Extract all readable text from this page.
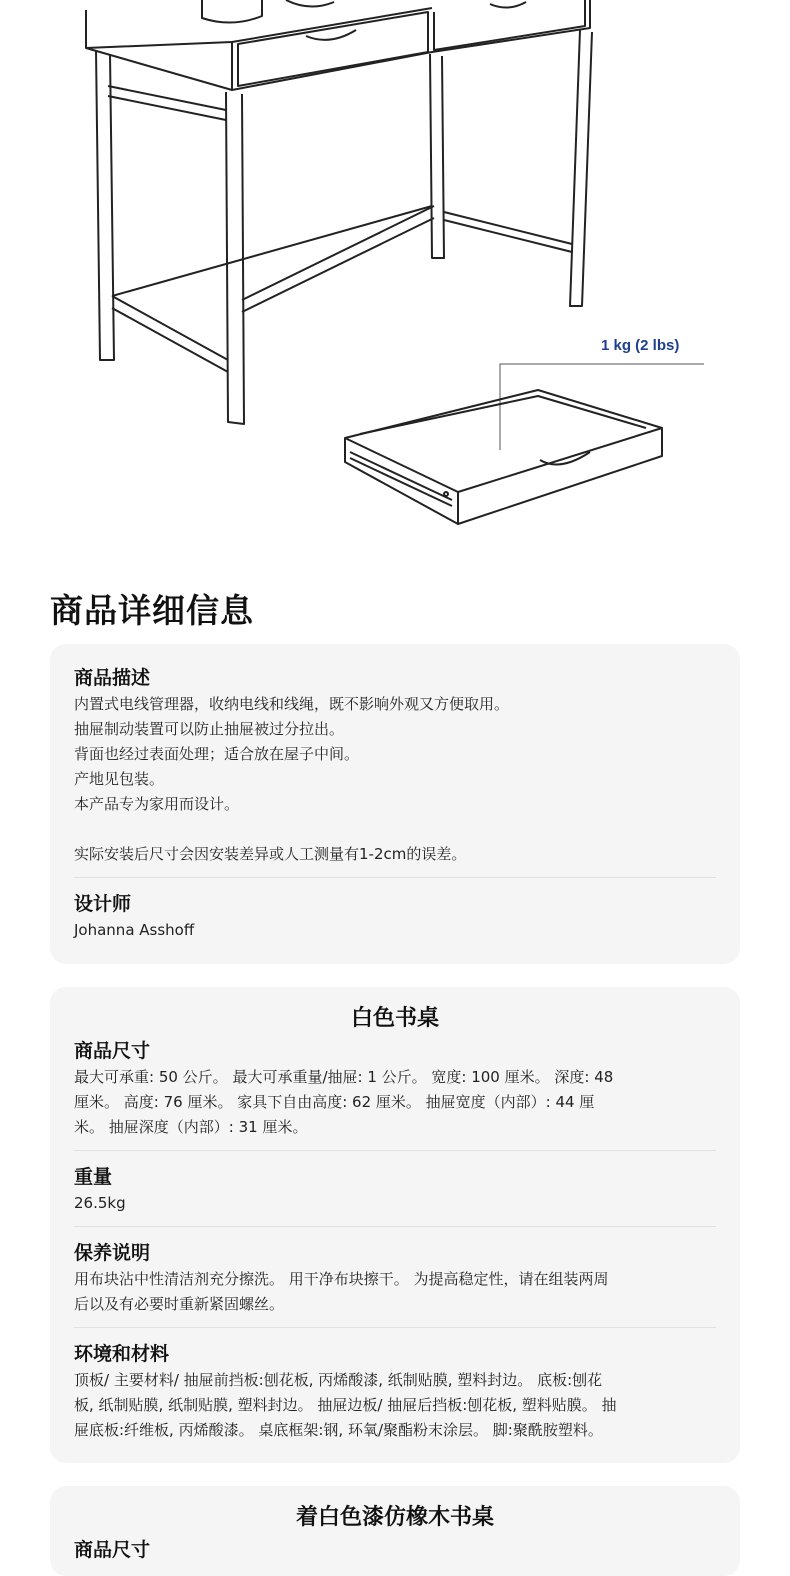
1 kg (2 lbs)
商品详细信息

商品描述

内置式电线管理器，收纳电线和线绳，既不影响外观又方便取用。

抽屉制动装置可以防止抽屉被过分拉出。

背面也经过表面处理；适合放在屋子中间。

产地见包装。

本产品专为家用而设计。

实际安装后尺寸会因安装差异或人工测量有1-2cm的误差。

设计师

Johanna Asshoff

白色书桌

商品尺寸

最大可承重: 50 公斤。 最大可承重量/抽屉: 1 公斤。 宽度: 100 厘米。 深度: 48

厘米。 高度: 76 厘米。 家具下自由高度: 62 厘米。 抽屉宽度（内部）: 44 厘

米。 抽屉深度（内部）: 31 厘米。

重量

26.5kg

保养说明

用布块沾中性清洁剂充分擦洗。 用干净布块擦干。 为提高稳定性，请在组装两周

后以及有必要时重新紧固螺丝。

环境和材料

顶板/ 主要材料/ 抽屉前挡板:刨花板, 丙烯酸漆, 纸制贴膜, 塑料封边。 底板:刨花

板, 纸制贴膜, 纸制贴膜, 塑料封边。 抽屉边板/ 抽屉后挡板:刨花板, 塑料贴膜。 抽

屉底板:纤维板, 丙烯酸漆。 桌底框架:钢, 环氧/聚酯粉末涂层。 脚:聚酰胺塑料。

着白色漆仿橡木书桌

商品尺寸
